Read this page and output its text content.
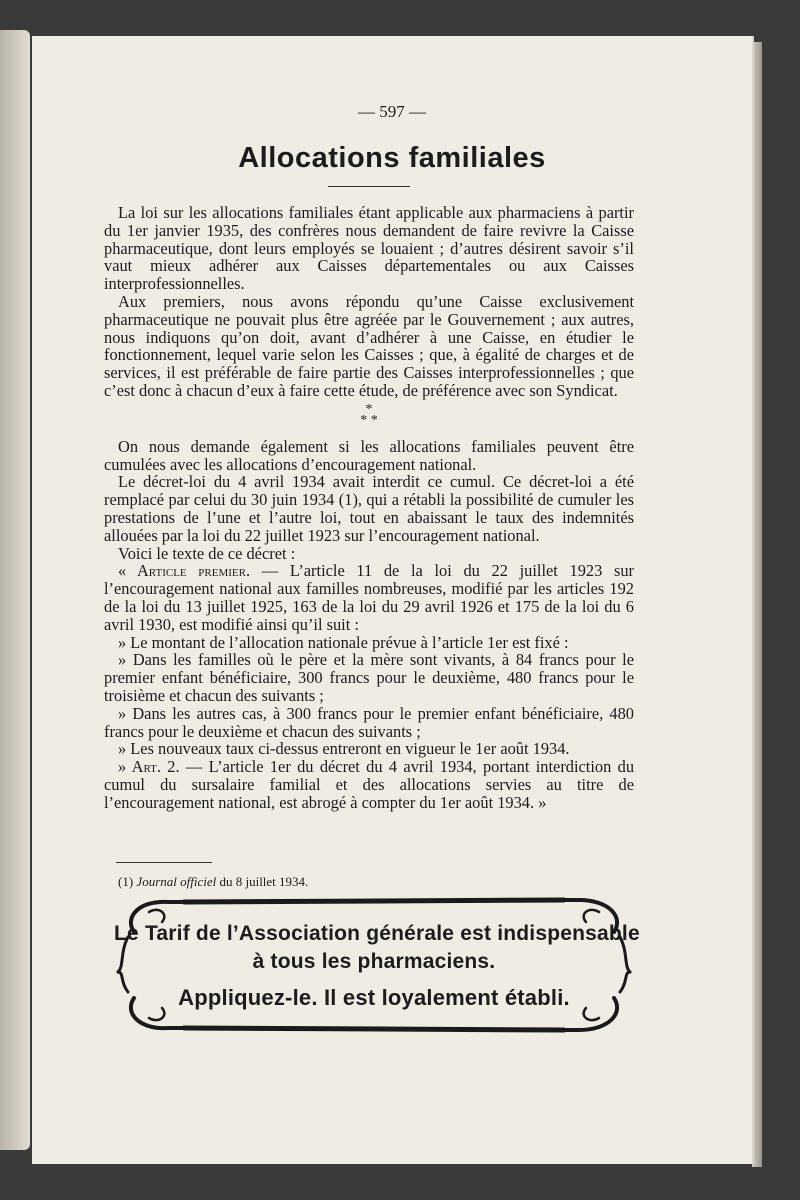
— 597 —
Allocations familiales

La loi sur les allocations familiales étant applicable aux pharmaciens à partir du 1er janvier 1935, des confrères nous demandent de faire revivre la Caisse pharmaceutique, dont leurs employés se louaient ; d’autres désirent savoir s’il vaut mieux adhérer aux Caisses départementales ou aux Caisses interprofessionnelles.

Aux premiers, nous avons répondu qu’une Caisse exclusivement pharmaceutique ne pouvait plus être agréée par le Gouvernement ; aux autres, nous indiquons qu’on doit, avant d’adhérer à une Caisse, en étudier le fonctionnement, lequel varie selon les Caisses ; que, à égalité de charges et de services, il est préférable de faire partie des Caisses interprofessionnelles ; que c’est donc à chacun d’eux à faire cette étude, de préférence avec son Syndicat.

*
* *

On nous demande également si les allocations familiales peuvent être cumulées avec les allocations d’encouragement national.

Le décret-loi du 4 avril 1934 avait interdit ce cumul. Ce décret-loi a été remplacé par celui du 30 juin 1934 (1), qui a rétabli la possibilité de cumuler les prestations de l’une et l’autre loi, tout en abaissant le taux des indemnités allouées par la loi du 22 juillet 1923 sur l’encouragement national.

Voici le texte de ce décret :

« Article premier. — L’article 11 de la loi du 22 juillet 1923 sur l’encouragement national aux familles nombreuses, modifié par les articles 192 de la loi du 13 juillet 1925, 163 de la loi du 29 avril 1926 et 175 de la loi du 6 avril 1930, est modifié ainsi qu’il suit :

» Le montant de l’allocation nationale prévue à l’article 1er est fixé :

» Dans les familles où le père et la mère sont vivants, à 84 francs pour le premier enfant bénéficiaire, 300 francs pour le deuxième, 480 francs pour le troisième et chacun des suivants ;

» Dans les autres cas, à 300 francs pour le premier enfant bénéficiaire, 480 francs pour le deuxième et chacun des suivants ;

» Les nouveaux taux ci-dessus entreront en vigueur le 1er août 1934.

» Art. 2. — L’article 1er du décret du 4 avril 1934, portant interdiction du cumul du sursalaire familial et des allocations servies au titre de l’encouragement national, est abrogé à compter du 1er août 1934. »

(1) Journal officiel du 8 juillet 1934.
Le Tarif de l’Association générale est indispensable
à tous les pharmaciens.
Appliquez-le. Il est loyalement établi.
